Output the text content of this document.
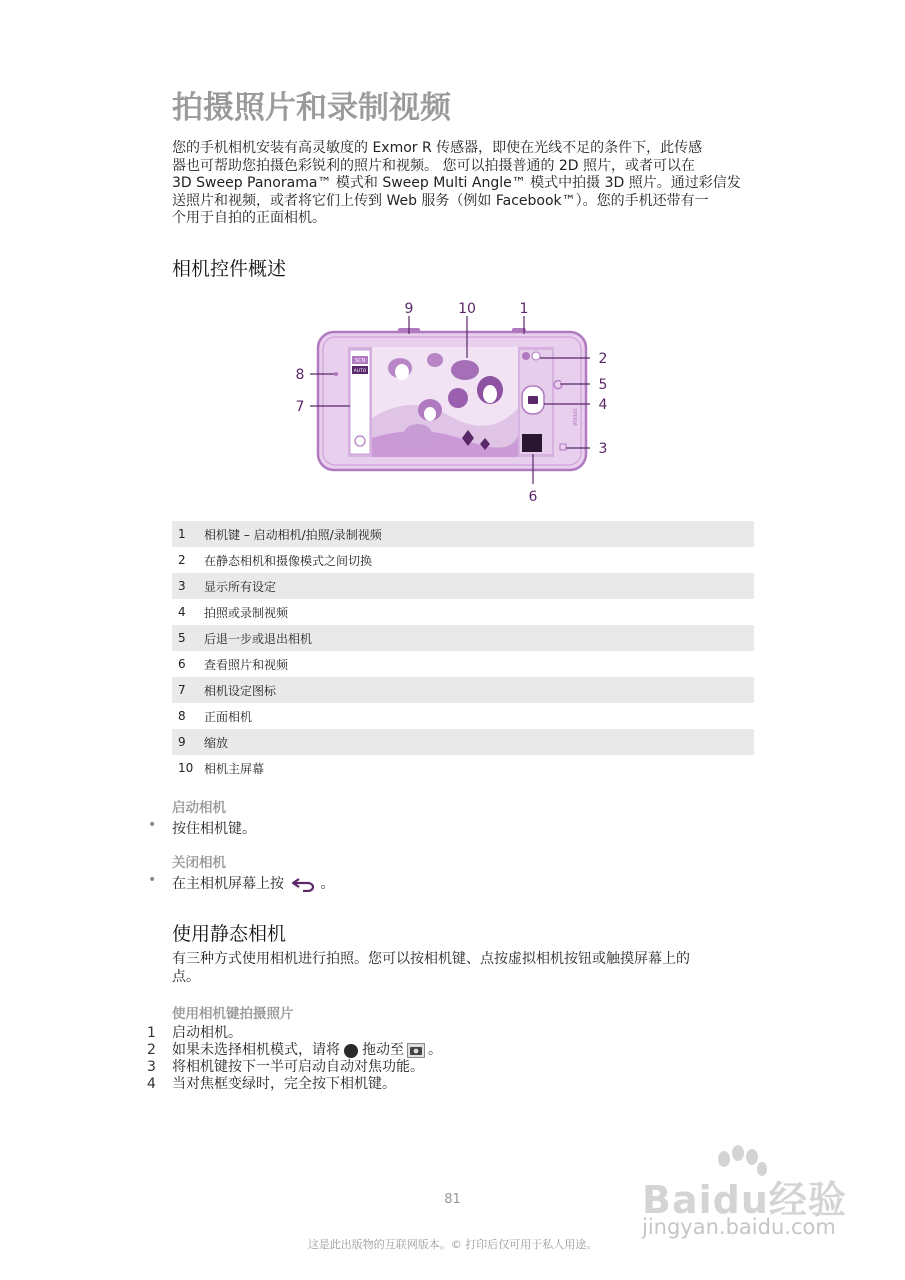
拍摄照片和录制视频
您的手机相机安装有高灵敏度的 Exmor R 传感器，即使在光线不足的条件下，此传感
器也可帮助您拍摄色彩锐利的照片和视频。 您可以拍摄普通的 2D 照片，或者可以在
3D Sweep Panorama™ 模式和 Sweep Multi Angle™ 模式中拍摄 3D 照片。通过彩信发
送照片和视频，或者将它们上传到 Web 服务（例如 Facebook™）。您的手机还带有一
个用于自拍的正面相机。
相机控件概述
SCN
AUTO
XPERIA
9	10	1
2
5
4
3
6
8
7
1	相机键 – 启动相机/拍照/录制视频
2	在静态相机和摄像模式之间切换
3	显示所有设定
4	拍照或录制视频
5	后退一步或退出相机
6	查看照片和视频
7	相机设定图标
8	正面相机
9	缩放
10 相机主屏幕
启动相机
• 按住相机键。
关闭相机
• 在主相机屏幕上按	。
使用静态相机
有三种方式使用相机进行拍照。您可以按相机键、点按虚拟相机按钮或触摸屏幕上的
点。
使用相机键拍摄照片
1	启动相机。
2	如果未选择相机模式，请将 拖动至 。
3	将相机键按下一半可启动自动对焦功能。
4	当对焦框变绿时，完全按下相机键。
81
这是此出版物的互联网版本。© 打印后仅可用于私人用途。
Baidu经验
jingyan.baidu.com
